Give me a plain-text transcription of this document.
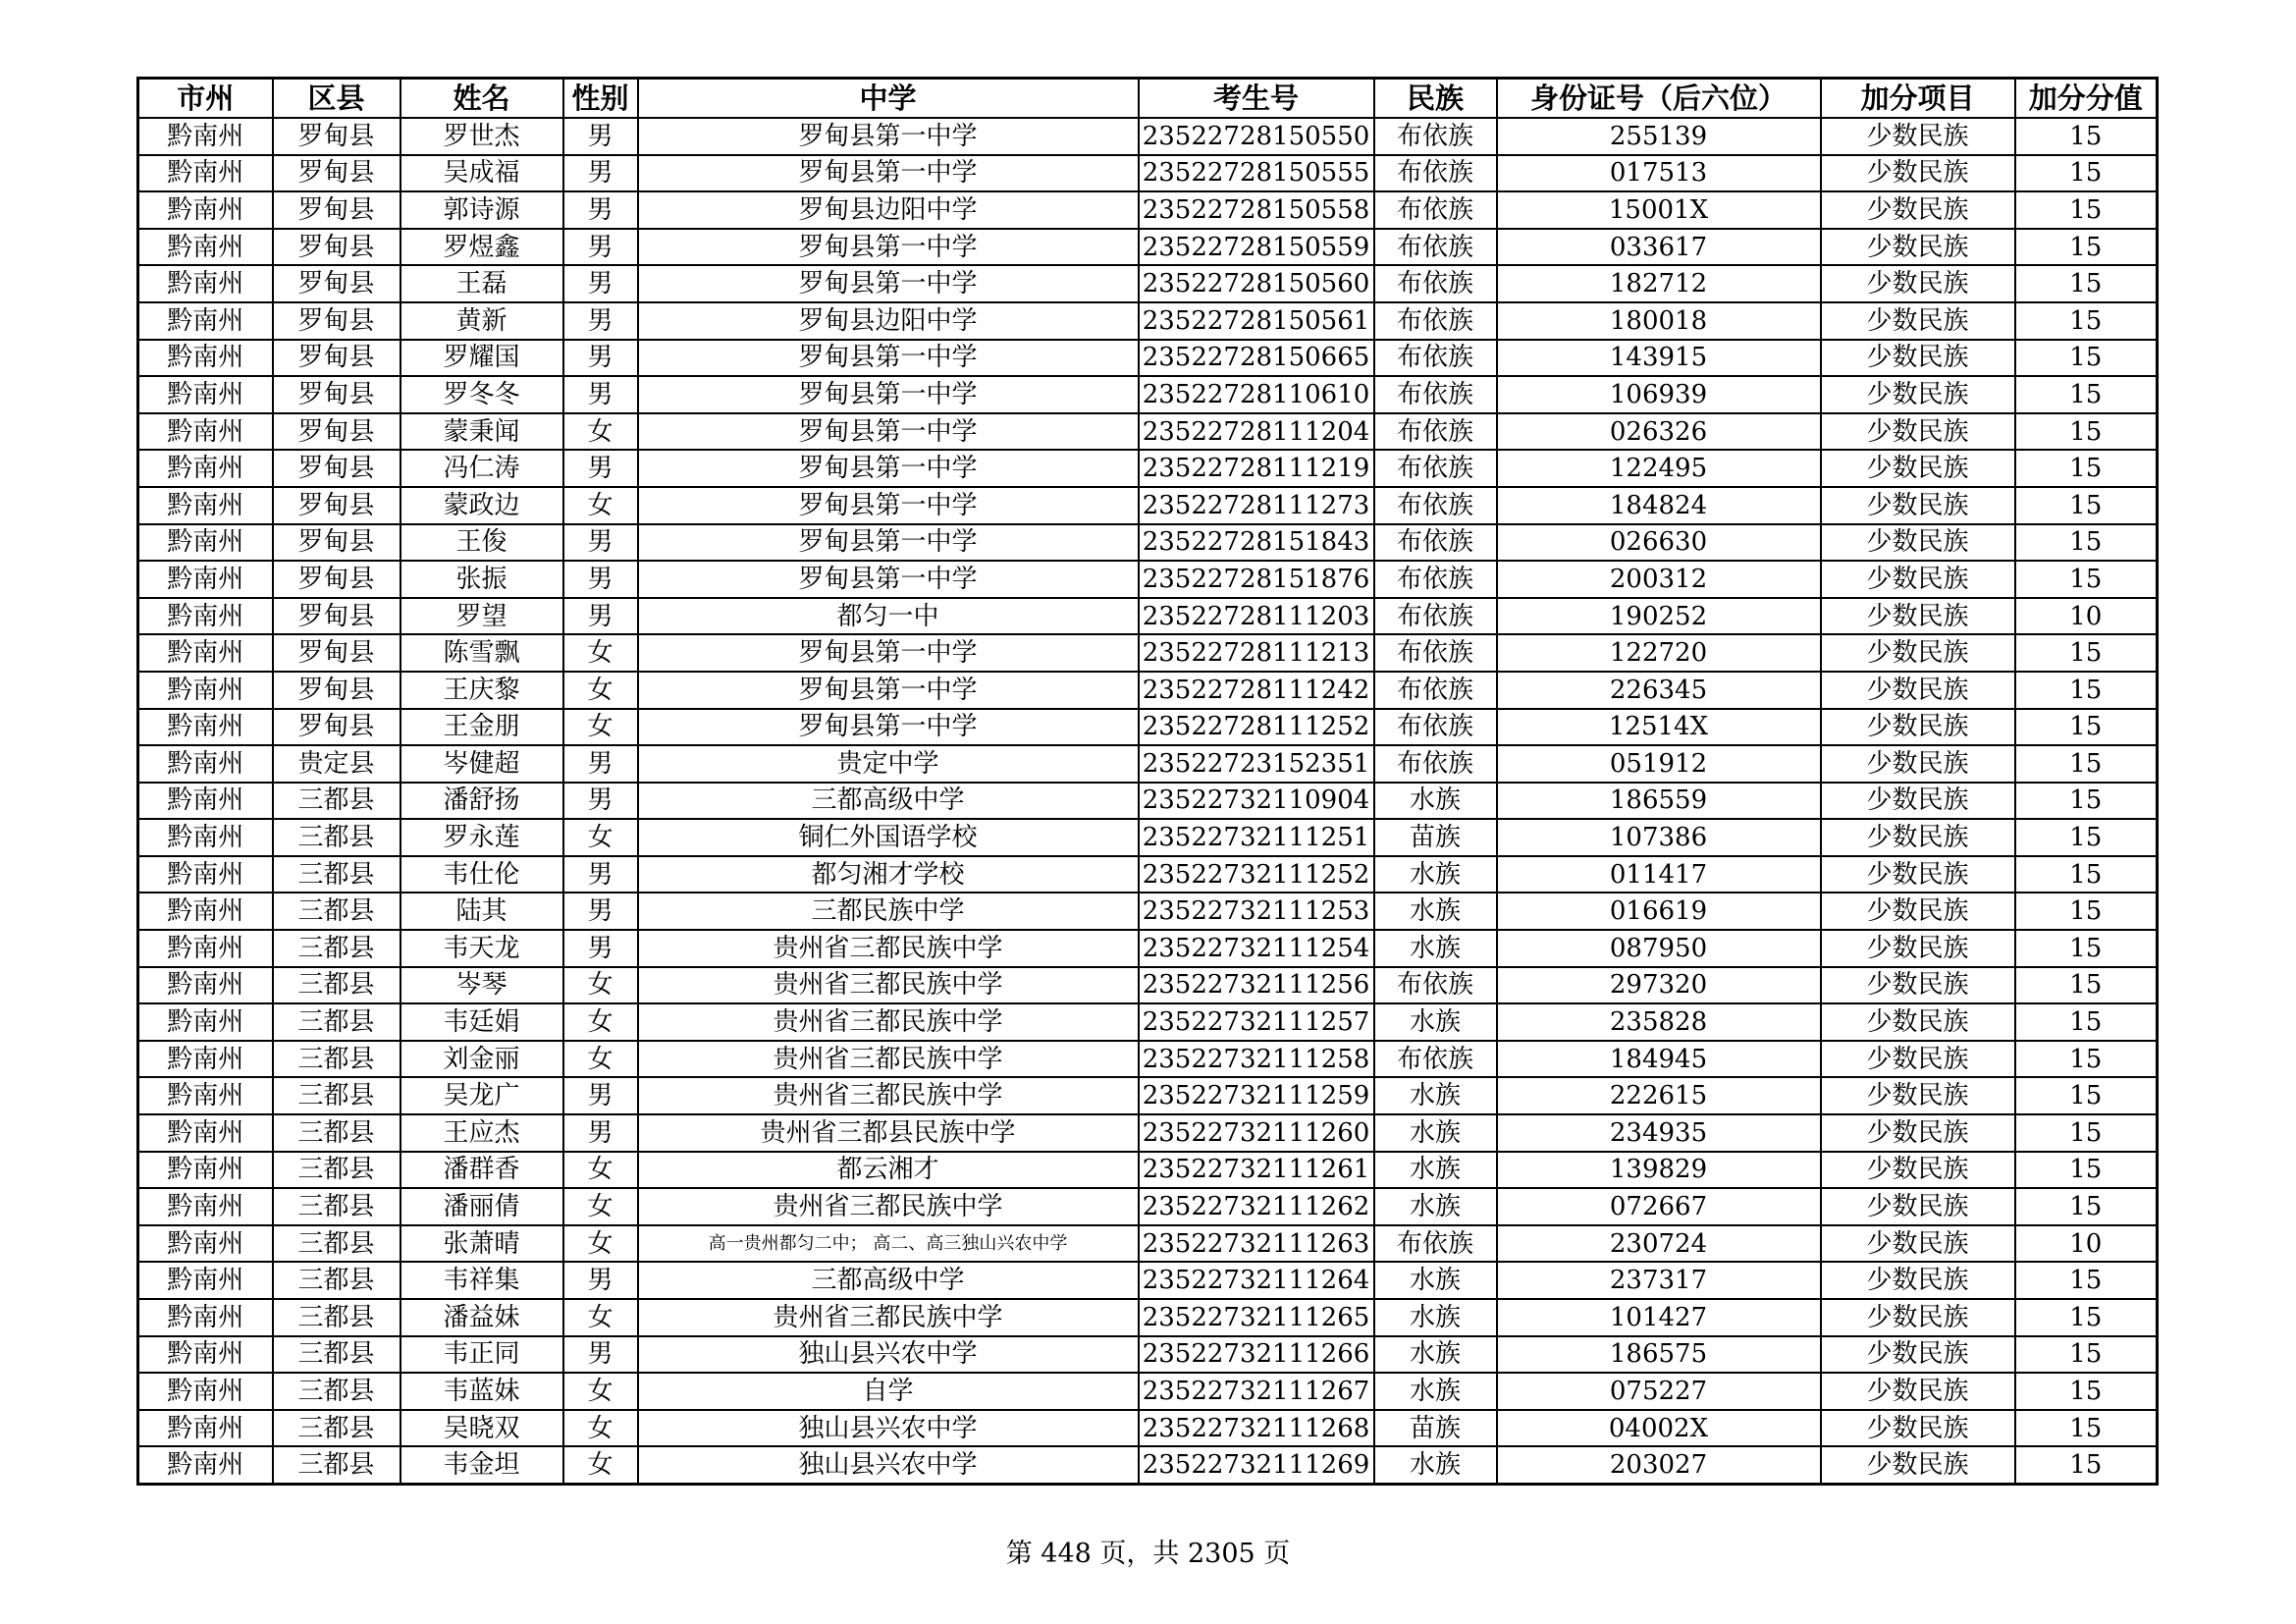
市州	区县	姓名	性别	中学	考生号	民族	身份证号（后六位）	加分项目	加分分值
黔南州	罗甸县	罗世杰	男	罗甸县第一中学	23522728150550	布依族	255139	少数民族	15
黔南州	罗甸县	吴成福	男	罗甸县第一中学	23522728150555	布依族	017513	少数民族	15
黔南州	罗甸县	郭诗源	男	罗甸县边阳中学	23522728150558	布依族	15001X	少数民族	15
黔南州	罗甸县	罗煜鑫	男	罗甸县第一中学	23522728150559	布依族	033617	少数民族	15
黔南州	罗甸县	王磊	男	罗甸县第一中学	23522728150560	布依族	182712	少数民族	15
黔南州	罗甸县	黄新	男	罗甸县边阳中学	23522728150561	布依族	180018	少数民族	15
黔南州	罗甸县	罗耀国	男	罗甸县第一中学	23522728150665	布依族	143915	少数民族	15
黔南州	罗甸县	罗冬冬	男	罗甸县第一中学	23522728110610	布依族	106939	少数民族	15
黔南州	罗甸县	蒙秉闻	女	罗甸县第一中学	23522728111204	布依族	026326	少数民族	15
黔南州	罗甸县	冯仁涛	男	罗甸县第一中学	23522728111219	布依族	122495	少数民族	15
黔南州	罗甸县	蒙政边	女	罗甸县第一中学	23522728111273	布依族	184824	少数民族	15
黔南州	罗甸县	王俊	男	罗甸县第一中学	23522728151843	布依族	026630	少数民族	15
黔南州	罗甸县	张振	男	罗甸县第一中学	23522728151876	布依族	200312	少数民族	15
黔南州	罗甸县	罗望	男	都匀一中	23522728111203	布依族	190252	少数民族	10
黔南州	罗甸县	陈雪飘	女	罗甸县第一中学	23522728111213	布依族	122720	少数民族	15
黔南州	罗甸县	王庆黎	女	罗甸县第一中学	23522728111242	布依族	226345	少数民族	15
黔南州	罗甸县	王金朋	女	罗甸县第一中学	23522728111252	布依族	12514X	少数民族	15
黔南州	贵定县	岑健超	男	贵定中学	23522723152351	布依族	051912	少数民族	15
黔南州	三都县	潘舒扬	男	三都高级中学	23522732110904	水族	186559	少数民族	15
黔南州	三都县	罗永莲	女	铜仁外国语学校	23522732111251	苗族	107386	少数民族	15
黔南州	三都县	韦仕伦	男	都匀湘才学校	23522732111252	水族	011417	少数民族	15
黔南州	三都县	陆其	男	三都民族中学	23522732111253	水族	016619	少数民族	15
黔南州	三都县	韦天龙	男	贵州省三都民族中学	23522732111254	水族	087950	少数民族	15
黔南州	三都县	岑琴	女	贵州省三都民族中学	23522732111256	布依族	297320	少数民族	15
黔南州	三都县	韦廷娟	女	贵州省三都民族中学	23522732111257	水族	235828	少数民族	15
黔南州	三都县	刘金丽	女	贵州省三都民族中学	23522732111258	布依族	184945	少数民族	15
黔南州	三都县	吴龙广	男	贵州省三都民族中学	23522732111259	水族	222615	少数民族	15
黔南州	三都县	王应杰	男	贵州省三都县民族中学	23522732111260	水族	234935	少数民族	15
黔南州	三都县	潘群香	女	都云湘才	23522732111261	水族	139829	少数民族	15
黔南州	三都县	潘丽倩	女	贵州省三都民族中学	23522732111262	水族	072667	少数民族	15
黔南州	三都县	张萧晴	女	高一贵州都匀二中； 高二、高三独山兴农中学	23522732111263	布依族	230724	少数民族	10
黔南州	三都县	韦祥集	男	三都高级中学	23522732111264	水族	237317	少数民族	15
黔南州	三都县	潘益妹	女	贵州省三都民族中学	23522732111265	水族	101427	少数民族	15
黔南州	三都县	韦正同	男	独山县兴农中学	23522732111266	水族	186575	少数民族	15
黔南州	三都县	韦蓝妹	女	自学	23522732111267	水族	075227	少数民族	15
黔南州	三都县	吴晓双	女	独山县兴农中学	23522732111268	苗族	04002X	少数民族	15
黔南州	三都县	韦金坦	女	独山县兴农中学	23522732111269	水族	203027	少数民族	15
第 448 页，共 2305 页
